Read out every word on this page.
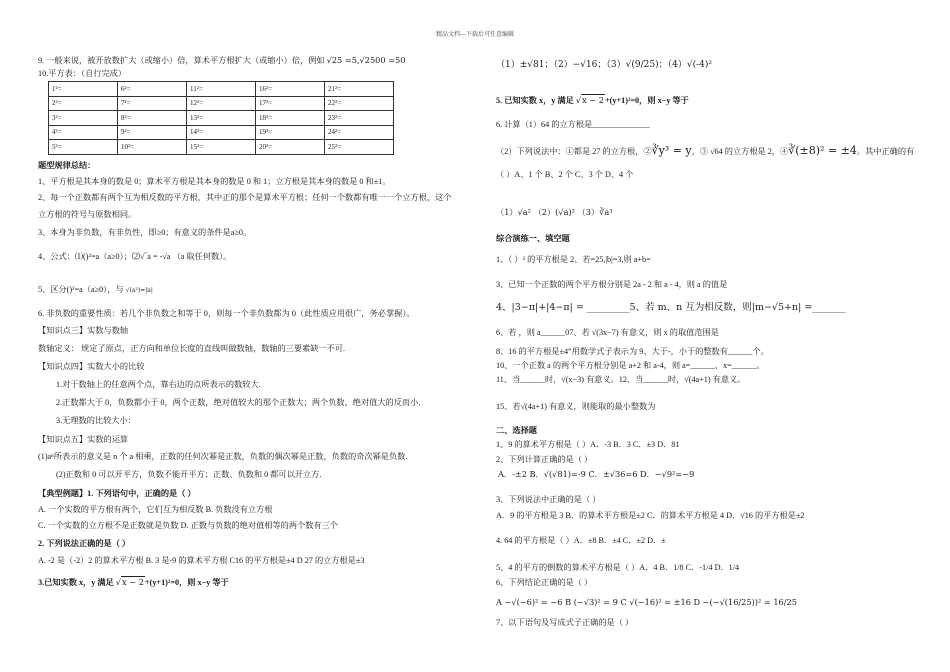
精品文档---下载后可任意编辑
9. 一般来说，被开放数扩大（或缩小）倍，算术平方根扩大（或缩小）倍，例如 √25 =5,√2500 =50
10.平方表：（自行完成）
1²=	6²=	11²=	16²=	21²=
2²=	7²=	12²=	17²=	22²=
3²=	8²=	13²=	18²=	23²=
4²=	9²=	14²=	19²=	24²=
5²=	10²=	15²=	20²=	25²=
题型规律总结：
1、平方根是其本身的数是 0；算术平方根是其本身的数是 0 和 1；立方根是其本身的数是 0 和±1。
2、每一个正数都有两个互为相反数的平方根，其中正的那个是算术平方根；任何一个数都有唯一一个立方根，这个
立方根的符号与原数相同。
3、本身为非负数，有非负性，即≥0；有意义的条件是a≥0。
4、公式：⑴()²=a（a≥0）；⑵√‾a = -√a （a 取任何数）。
5、区分()²=a（a≥0），与 √(a²)=|a|
6. 非负数的重要性质：若几个非负数之和等于 0，则每一个非负数都为 0（此性质应用很广，务必掌握）。
【知识点三】实数与数轴
数轴定义： 规定了原点，正方向和单位长度的直线叫做数轴，数轴的三要素缺一不可.
【知识点四】实数大小的比较
1.对于数轴上的任意两个点，靠右边的点所表示的数较大.
2.正数都大于 0，负数都小于 0，两个正数，绝对值较大的那个正数大；两个负数，绝对值大的反而小.
3.无理数的比较大小：
【知识点五】实数的运算
(1)aⁿ所表示的意义是 n 个 a 相乘，正数的任何次幂是正数，负数的偶次幂是正数，负数的奇次幂是负数.
(2)正数和 0 可以开平方，负数不能开平方；正数、负数和 0 都可以开立方.
【典型例题】1. 下列语句中，正确的是（ ）
A. 一个实数的平方根有两个，它们互为相反数 B. 负数没有立方根
C. 一个实数的立方根不是正数就是负数 D. 正数与负数的绝对值相等的两个数有三个
2. 下列说法正确的是（ ）
A. -2 是（-2）2 的算术平方根 B. 3 是-9 的算术平方根 C16 的平方根是±4 D 27 的立方根是±3
3.已知实数 x，y 满足 √x − 2+(y+1)²=0，则 x−y 等于
（1）±√81；（2）−√16；（3）√(9/25)；（4）√(-4)²
5. 已知实数 x，y 满足 √x − 2+(y+1)²=0，则 x−y 等于
6. 计算（1）64 的立方根是______________
（2）下列说法中：①都是 27 的立方根，②∛y³ = y，③ √64 的立方根是 2，④∛(±8)² = ±4。其中正确的有
（ ）A、1 个 B、2 个 C、3 个 D、4 个
（1）√a² （2）(√a)² （3）∛a³
综合演练一、填空题
1、（ ）² 的平方根是 2、若=25,|b|=3,则 a+b=
3、已知一个正数的两个平方根分别是 2a - 2 和 a - 4，则 a 的值是
4、|3−π|+|4−π| = _________5、若 m、n 互为相反数，则|m−√5+n| =_______
6、若 ，则 a______07、若 √(3x−7) 有意义，则 x 的取值范围是
8、16 的平方根是±4”用数学式子表示为 9、大于-，小于的整数有______个。
10、一个正数 a 的两个平方根分别是 a+2 和 a-4，则 a=______，x=______。
11、当______时，√(x−3) 有意义。12、当______时，√(4a+1) 有意义。
15、若√(4a+1) 有意义，则能取的最小整数为
二、选择题
1、9 的算术平方根是（ ）A．-3 B．3 C．±3 D．81
2、下列计算正确的是（ ）
A．-±2 B．√(√81)=-9 C．±√36=6 D．−√9²=−9
3、下列说法中正确的是（ ）
A．9 的平方根是 3 B．的算术平方根是±2 C．的算术平方根是 4 D．√16 的平方根是±2
4. 64 的平方根是（ ）A．±8 B．±4 C．±2 D．±
5、4 的平方的倒数的算术平方根是（ ）A．4 B．1/8 C．-1/4 D．1/4
6、下列结论正确的是（ ）
A −√(−6)² = −6 B (−√3)² = 9 C √(−16)² = ±16 D −(−√(16/25))² = 16/25
7、以下语句及写成式子正确的是（ ）
